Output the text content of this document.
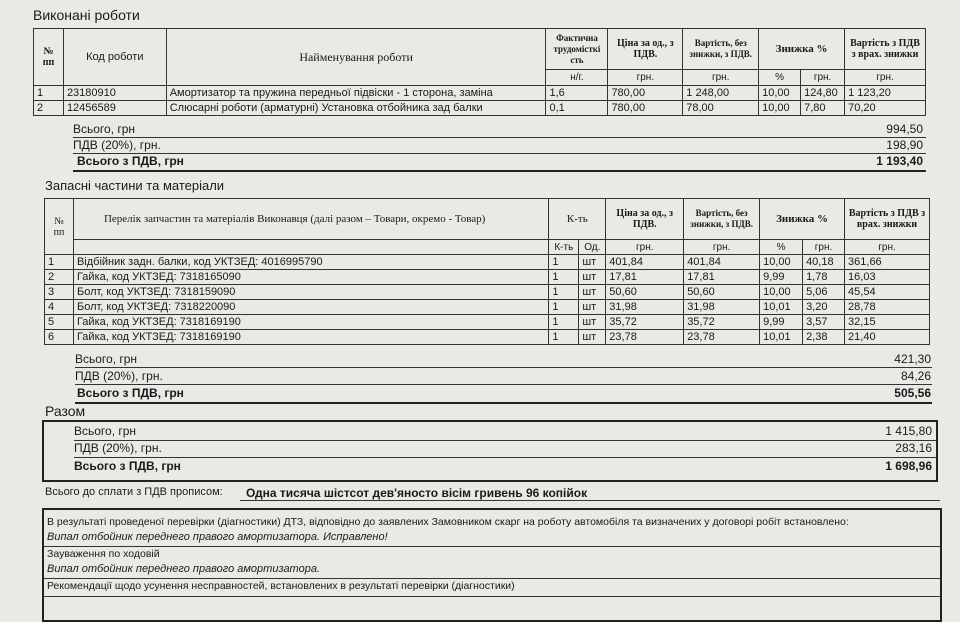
Виконані роботи
№ пп	Код роботи	Найменування роботи	Фактична трудомісткі сть	Ціна за од., з ПДВ.	Вартість, без знижки, з ПДВ.	Знижка %		Вартість з ПДВ з врах. знижки
			н/г.	грн.	грн.	%	грн.	грн.
1	23180910	Амортизатор та пружина передньої підвіски - 1 сторона, заміна	1,6	780,00	1 248,00	10,00	124,80	1 123,20
2	12456589	Слюсарні роботи (арматурні) Установка отбойника зад балки	0,1	780,00	78,00	10,00	7,80	70,20
Всього, грн	994,50
ПДВ (20%), грн.	198,90
Всього з ПДВ, грн	1 193,40
Запасні частини та матеріали
№ пп	Перелік запчастин та матеріалів Виконавця (далі разом – Товари, окремо - Товар)	К-ть		Ціна за од., з ПДВ.	Вартість, без знижки, з ПДВ.	Знижка %		Вартість з ПДВ з врах. знижки
		К-ть	Од.	грн.	грн.	%	грн.	грн.
1	Відбійник задн. балки, код УКТЗЕД: 4016995790	1	шт	401,84	401,84	10,00	40,18	361,66
2	Гайка, код УКТЗЕД: 7318165090	1	шт	17,81	17,81	9,99	1,78	16,03
3	Болт, код УКТЗЕД: 7318159090	1	шт	50,60	50,60	10,00	5,06	45,54
4	Болт, код УКТЗЕД: 7318220090	1	шт	31,98	31,98	10,01	3,20	28,78
5	Гайка, код УКТЗЕД: 7318169190	1	шт	35,72	35,72	9,99	3,57	32,15
6	Гайка, код УКТЗЕД: 7318169190	1	шт	23,78	23,78	10,01	2,38	21,40
Всього, грн	421,30
ПДВ (20%), грн.	84,26
Всього з ПДВ, грн	505,56
Разом
Всього, грн	1 415,80
ПДВ (20%), грн.	283,16
Всього з ПДВ, грн	1 698,96
Всього до сплати з ПДВ прописом: Одна тисяча шістсот дев'яносто вісім гривень 96 копійок
В результаті проведеної перевірки (діагностики) ДТЗ, відповідно до заявлених Замовником скарг на роботу автомобіля та визначених у договорі робіт встановлено:
Випал отбойник переднего правого амортизатора. Исправлено!
Зауваження по ходовій
Випал отбойник переднего правого амортизатора.
Рекомендації щодо усунення несправностей, встановлених в результаті перевірки (діагностики)
